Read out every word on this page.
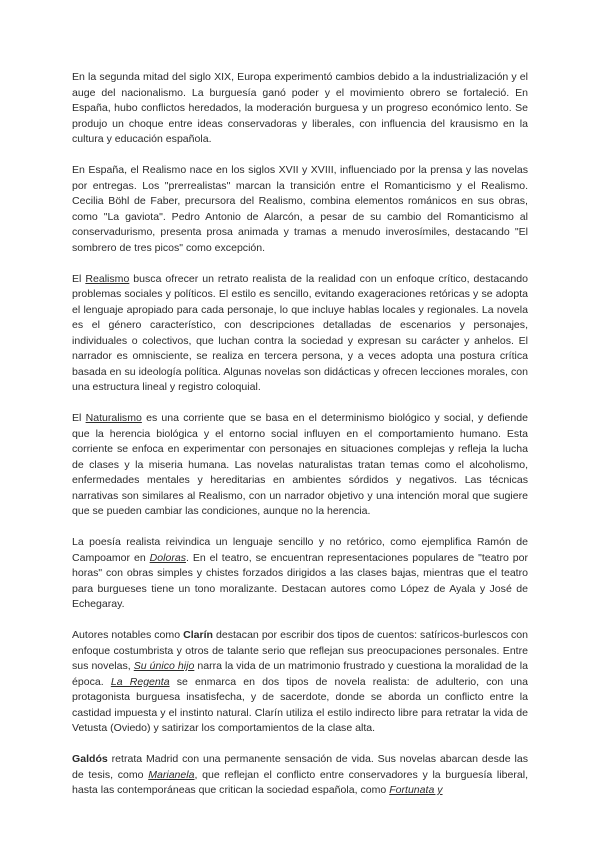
En la segunda mitad del siglo XIX, Europa experimentó cambios debido a la industrialización y el auge del nacionalismo. La burguesía ganó poder y el movimiento obrero se fortaleció. En España, hubo conflictos heredados, la moderación burguesa y un progreso económico lento. Se produjo un choque entre ideas conservadoras y liberales, con influencia del krausismo en la cultura y educación española.

En España, el Realismo nace en los siglos XVII y XVIII, influenciado por la prensa y las novelas por entregas. Los "prerrealistas" marcan la transición entre el Romanticismo y el Realismo. Cecilia Böhl de Faber, precursora del Realismo, combina elementos románicos en sus obras, como "La gaviota". Pedro Antonio de Alarcón, a pesar de su cambio del Romanticismo al conservadurismo, presenta prosa animada y tramas a menudo inverosímiles, destacando "El sombrero de tres picos" como excepción.

El Realismo busca ofrecer un retrato realista de la realidad con un enfoque crítico, destacando problemas sociales y políticos. El estilo es sencillo, evitando exageraciones retóricas y se adopta el lenguaje apropiado para cada personaje, lo que incluye hablas locales y regionales. La novela es el género característico, con descripciones detalladas de escenarios y personajes, individuales o colectivos, que luchan contra la sociedad y expresan su carácter y anhelos. El narrador es omnisciente, se realiza en tercera persona, y a veces adopta una postura crítica basada en su ideología política. Algunas novelas son didácticas y ofrecen lecciones morales, con una estructura lineal y registro coloquial.

El Naturalismo es una corriente que se basa en el determinismo biológico y social, y defiende que la herencia biológica y el entorno social influyen en el comportamiento humano. Esta corriente se enfoca en experimentar con personajes en situaciones complejas y refleja la lucha de clases y la miseria humana. Las novelas naturalistas tratan temas como el alcoholismo, enfermedades mentales y hereditarias en ambientes sórdidos y negativos. Las técnicas narrativas son similares al Realismo, con un narrador objetivo y una intención moral que sugiere que se pueden cambiar las condiciones, aunque no la herencia.

La poesía realista reivindica un lenguaje sencillo y no retórico, como ejemplifica Ramón de Campoamor en Doloras. En el teatro, se encuentran representaciones populares de "teatro por horas" con obras simples y chistes forzados dirigidos a las clases bajas, mientras que el teatro para burgueses tiene un tono moralizante. Destacan autores como López de Ayala y José de Echegaray.

Autores notables como Clarín destacan por escribir dos tipos de cuentos: satíricos-burlescos con enfoque costumbrista y otros de talante serio que reflejan sus preocupaciones personales. Entre sus novelas, Su único hijo narra la vida de un matrimonio frustrado y cuestiona la moralidad de la época. La Regenta se enmarca en dos tipos de novela realista: de adulterio, con una protagonista burguesa insatisfecha, y de sacerdote, donde se aborda un conflicto entre la castidad impuesta y el instinto natural. Clarín utiliza el estilo indirecto libre para retratar la vida de Vetusta (Oviedo) y satirizar los comportamientos de la clase alta.

Galdós retrata Madrid con una permanente sensación de vida. Sus novelas abarcan desde las de tesis, como Marianela, que reflejan el conflicto entre conservadores y la burguesía liberal, hasta las contemporáneas que critican la sociedad española, como Fortunata y
